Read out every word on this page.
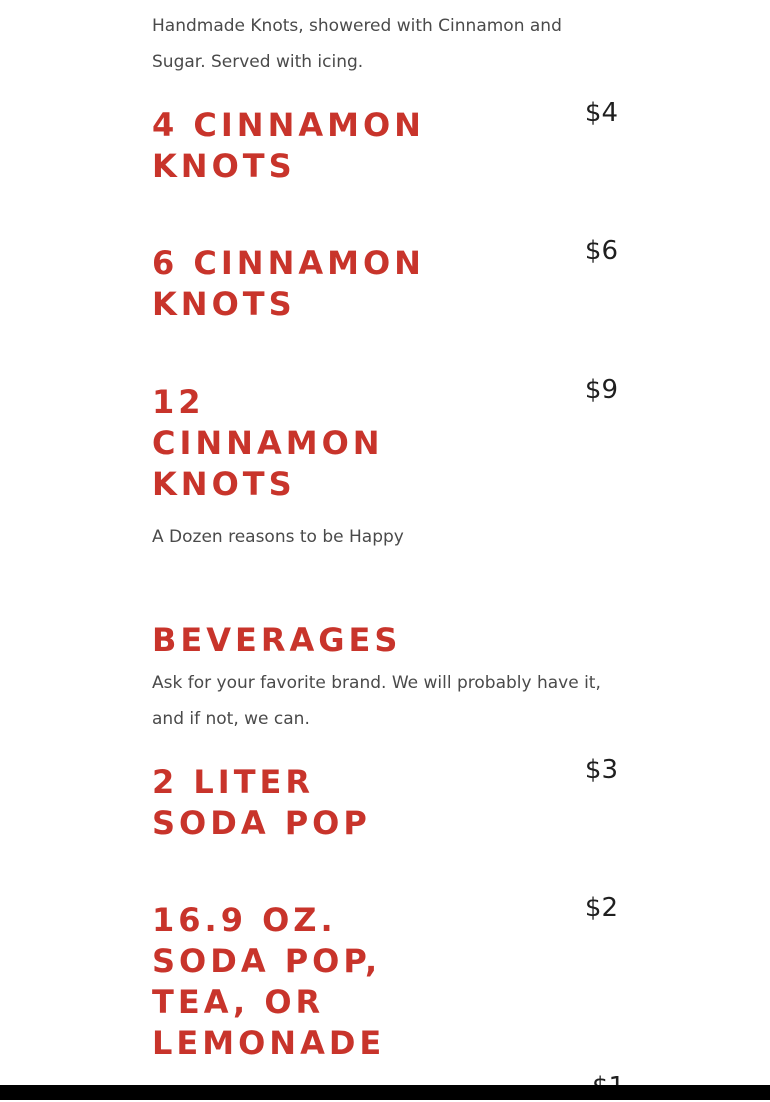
Handmade Knots, showered with Cinnamon and Sugar. Served with icing.

4 CINNAMON KNOTS
$4
6 CINNAMON KNOTS
$6
12 CINNAMON KNOTS
$9

A Dozen reasons to be Happy

BEVERAGES

Ask for your favorite brand. We will probably have it, and if not, we can.

2 LITER SODA POP
$3
16.9 OZ. SODA POP, TEA, OR LEMONADE
$2
